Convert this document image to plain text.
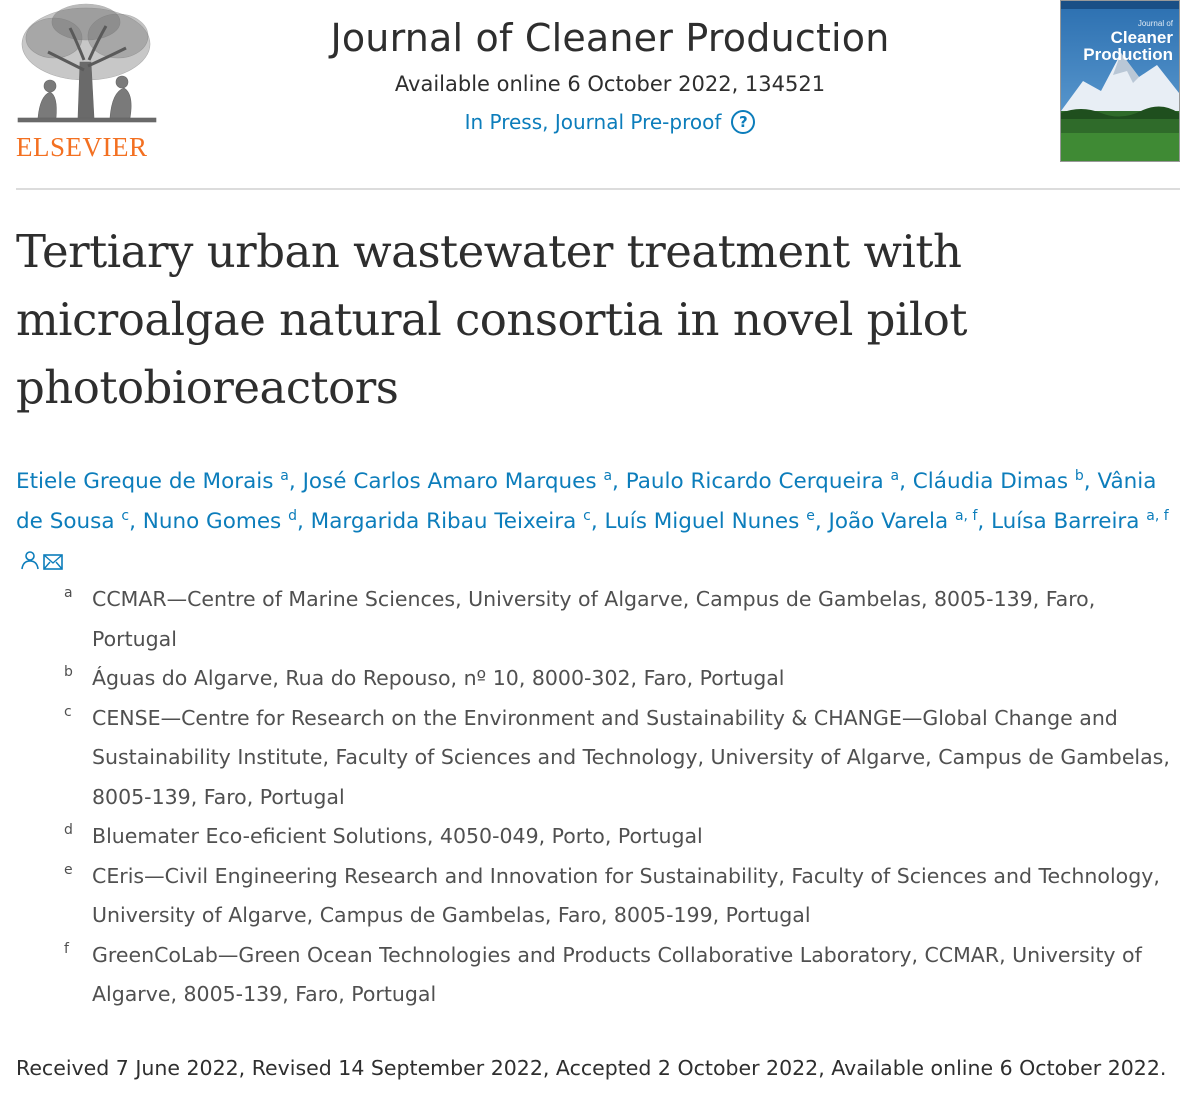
ELSEVIER
Journal of Cleaner Production
Available online 6 October 2022, 134521
In Press, Journal Pre-proof	?
Journal of
Cleaner
Production
Tertiary urban wastewater treatment with microalgae natural consortia in novel pilot photobioreactors
Etiele Greque de Morais $^a$, José Carlos Amaro Marques $^a$, Paulo Ricardo Cerqueira $^a$, Cláudia Dimas $^b$, Vânia de Sousa $^c$, Nuno Gomes $^d$, Margarida Ribau Teixeira $^c$, Luís Miguel Nunes $^e$, João Varela $^{a, f}$, Luísa Barreira $^{a, f}$
a CCMAR—Centre of Marine Sciences, University of Algarve, Campus de Gambelas, 8005-139, Faro, Portugal
b Águas do Algarve, Rua do Repouso, nº 10, 8000-302, Faro, Portugal
c CENSE—Centre for Research on the Environment and Sustainability & CHANGE—Global Change and Sustainability Institute, Faculty of Sciences and Technology, University of Algarve, Campus de Gambelas, 8005-139, Faro, Portugal
d Bluemater Eco-eficient Solutions, 4050-049, Porto, Portugal
e CEris—Civil Engineering Research and Innovation for Sustainability, Faculty of Sciences and Technology, University of Algarve, Campus de Gambelas, Faro, 8005-199, Portugal
f GreenCoLab—Green Ocean Technologies and Products Collaborative Laboratory, CCMAR, University of Algarve, 8005-139, Faro, Portugal
Received 7 June 2022, Revised 14 September 2022, Accepted 2 October 2022, Available online 6 October 2022.
